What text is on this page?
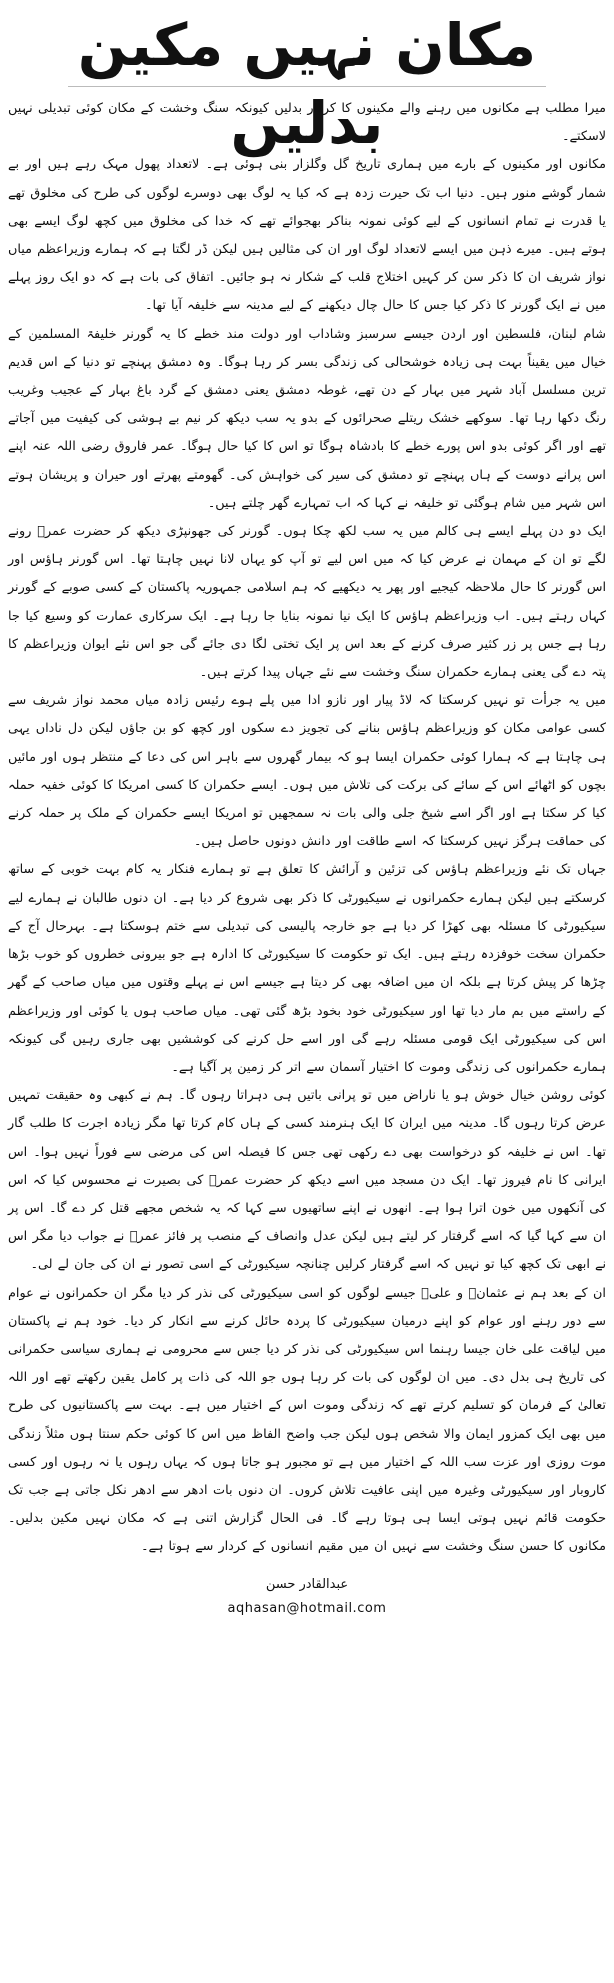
مکان نہیں مکین بدلیں

میرا مطلب ہے مکانوں میں رہنے والے مکینوں کا کردار بدلیں کیونکہ سنگ وخشت کے مکان کوئی تبدیلی نہیں لاسکتے۔

مکانوں اور مکینوں کے بارے میں ہماری تاریخ گل وگلزار بنی ہوئی ہے۔ لاتعداد پھول مہک رہے ہیں اور بے شمار گوشے منور ہیں۔ دنیا اب تک حیرت زدہ ہے کہ کیا یہ لوگ بھی دوسرے لوگوں کی طرح کی مخلوق تھے یا قدرت نے تمام انسانوں کے لیے کوئی نمونہ بناکر بھجوائے تھے کہ خدا کی مخلوق میں کچھ لوگ ایسے بھی ہوتے ہیں۔ میرے ذہن میں ایسے لاتعداد لوگ اور ان کی مثالیں ہیں لیکن ڈر لگتا ہے کہ ہمارے وزیراعظم میاں نواز شریف ان کا ذکر سن کر کہیں اختلاج قلب کے شکار نہ ہو جائیں۔ اتفاق کی بات ہے کہ دو ایک روز پہلے میں نے ایک گورنر کا ذکر کیا جس کا حال چال دیکھنے کے لیے مدینہ سے خلیفہ آیا تھا۔

شام لبنان، فلسطین اور اردن جیسے سرسبز وشاداب اور دولت مند خطے کا یہ گورنر خلیفۃ المسلمین کے خیال میں یقیناً بہت ہی زیادہ خوشحالی کی زندگی بسر کر رہا ہوگا۔ وہ دمشق پہنچے تو دنیا کے اس قدیم ترین مسلسل آباد شہر میں بہار کے دن تھے، غوطہ دمشق یعنی دمشق کے گرد باغ بہار کے عجیب وغریب رنگ دکھا رہا تھا۔ سوکھے خشک ریتلے صحرائوں کے بدو یہ سب دیکھ کر نیم بے ہوشی کی کیفیت میں آجاتے تھے اور اگر کوئی بدو اس پورے خطے کا بادشاہ ہوگا تو اس کا کیا حال ہوگا۔ عمر فاروق رضی اللہ عنہ اپنے اس پرانے دوست کے ہاں پہنچے تو دمشق کی سیر کی خواہش کی۔ گھومتے پھرتے اور حیران و پریشان ہوتے اس شہر میں شام ہوگئی تو خلیفہ نے کہا کہ اب تمہارے گھر چلتے ہیں۔

ایک دو دن پہلے ایسے ہی کالم میں یہ سب لکھ چکا ہوں۔ گورنر کی جھونپڑی دیکھ کر حضرت عمرؓ رونے لگے تو ان کے مہمان نے عرض کیا کہ میں اس لیے تو آپ کو یہاں لانا نہیں چاہتا تھا۔ اس گورنر ہاؤس اور اس گورنر کا حال ملاحظہ کیجیے اور پھر یہ دیکھیے کہ ہم اسلامی جمہوریہ پاکستان کے کسی صوبے کے گورنر کہاں رہتے ہیں۔ اب وزیراعظم ہاؤس کا ایک نیا نمونہ بنایا جا رہا ہے۔ ایک سرکاری عمارت کو وسیع کیا جا رہا ہے جس پر زر کثیر صرف کرنے کے بعد اس پر ایک تختی لگا دی جائے گی جو اس نئے ایوان وزیراعظم کا پتہ دے گی یعنی ہمارے حکمران سنگ وخشت سے نئے جہاں پیدا کرتے ہیں۔

میں یہ جرأت تو نہیں کرسکتا کہ لاڈ پیار اور نازو ادا میں پلے ہوے رئیس زادہ میاں محمد نواز شریف سے کسی عوامی مکان کو وزیراعظم ہاؤس بنانے کی تجویز دے سکوں اور کچھ کو بن جاؤں لیکن دل ناداں یہی ہی چاہتا ہے کہ ہمارا کوئی حکمران ایسا ہو کہ بیمار گھروں سے باہر اس کی دعا کے منتظر ہوں اور مائیں بچوں کو اٹھائے اس کے سائے کی برکت کی تلاش میں ہوں۔ ایسے حکمران کا کسی امریکا کا کوئی خفیہ حملہ کیا کر سکتا ہے اور اگر اسے شیخ جلی والی بات نہ سمجھیں تو امریکا ایسے حکمران کے ملک پر حملہ کرنے کی حماقت ہرگز نہیں کرسکتا کہ اسے طاقت اور دانش دونوں حاصل ہیں۔

جہاں تک نئے وزیراعظم ہاؤس کی تزئین و آرائش کا تعلق ہے تو ہمارے فنکار یہ کام بہت خوبی کے ساتھ کرسکتے ہیں لیکن ہمارے حکمرانوں نے سیکیورٹی کا ذکر بھی شروع کر دیا ہے۔ ان دنوں طالبان نے ہمارے لیے سیکیورٹی کا مسئلہ بھی کھڑا کر دیا ہے جو خارجہ پالیسی کی تبدیلی سے ختم ہوسکتا ہے۔ بہرحال آج کے حکمران سخت خوفزدہ رہتے ہیں۔ ایک تو حکومت کا سیکیورٹی کا ادارہ ہے جو بیرونی خطروں کو خوب بڑھا چڑھا کر پیش کرتا ہے بلکہ ان میں اضافہ بھی کر دیتا ہے جیسے اس نے پہلے وقتوں میں میاں صاحب کے گھر کے راستے میں بم مار دیا تھا اور سیکیورٹی خود بخود بڑھ گئی تھی۔ میاں صاحب ہوں یا کوئی اور وزیراعظم اس کی سیکیورٹی ایک قومی مسئلہ رہے گی اور اسے حل کرنے کی کوششیں بھی جاری رہیں گی کیونکہ ہمارے حکمرانوں کی زندگی وموت کا اختیار آسمان سے اتر کر زمین پر آگیا ہے۔

کوئی روشن خیال خوش ہو یا ناراض میں تو پرانی باتیں ہی دہراتا رہوں گا۔ ہم نے کبھی وہ حقیقت تمہیں عرض کرتا رہوں گا۔ مدینہ میں ایران کا ایک ہنرمند کسی کے ہاں کام کرتا تھا مگر زیادہ اجرت کا طلب گار تھا۔ اس نے خلیفہ کو درخواست بھی دے رکھی تھی جس کا فیصلہ اس کی مرضی سے فوراً نہیں ہوا۔ اس ایرانی کا نام فیروز تھا۔ ایک دن مسجد میں اسے دیکھ کر حضرت عمرؓ کی بصیرت نے محسوس کیا کہ اس کی آنکھوں میں خون اترا ہوا ہے۔ انھوں نے اپنے ساتھیوں سے کہا کہ یہ شخص مجھے قتل کر دے گا۔ اس پر ان سے کہا گیا کہ اسے گرفتار کر لیتے ہیں لیکن عدل وانصاف کے منصب پر فائز عمرؓ نے جواب دیا مگر اس نے ابھی تک کچھ کیا تو نہیں کہ اسے گرفتار کرلیں چنانچہ سیکیورٹی کے اسی تصور نے ان کی جان لے لی۔

ان کے بعد ہم نے عثمانؓ و علیؓ جیسے لوگوں کو اسی سیکیورٹی کی نذر کر دیا مگر ان حکمرانوں نے عوام سے دور رہنے اور عوام کو اپنے درمیان سیکیورٹی کا پردہ حائل کرنے سے انکار کر دیا۔ خود ہم نے پاکستان میں لیاقت علی خان جیسا رہنما اس سیکیورٹی کی نذر کر دیا جس سے محرومی نے ہماری سیاسی حکمرانی کی تاریخ ہی بدل دی۔ میں ان لوگوں کی بات کر رہا ہوں جو اللہ کی ذات پر کامل یقین رکھتے تھے اور اللہ تعالیٰ کے فرمان کو تسلیم کرتے تھے کہ زندگی وموت اس کے اختیار میں ہے۔ بہت سے پاکستانیوں کی طرح میں بھی ایک کمزور ایمان والا شخص ہوں لیکن جب واضح الفاظ میں اس کا کوئی حکم سنتا ہوں مثلاً زندگی موت روزی اور عزت سب اللہ کے اختیار میں ہے تو مجبور ہو جاتا ہوں کہ یہاں رہوں یا نہ رہوں اور کسی کاروبار اور سیکیورٹی وغیرہ میں اپنی عافیت تلاش کروں۔ ان دنوں بات ادھر سے ادھر نکل جاتی ہے جب تک حکومت قائم نہیں ہوتی ایسا ہی ہوتا رہے گا۔ فی الحال گزارش اتنی ہے کہ مکان نہیں مکین بدلیں۔ مکانوں کا حسن سنگ وخشت سے نہیں ان میں مقیم انسانوں کے کردار سے ہوتا ہے۔

عبدالقادر حسن
aqhasan@hotmail.com
